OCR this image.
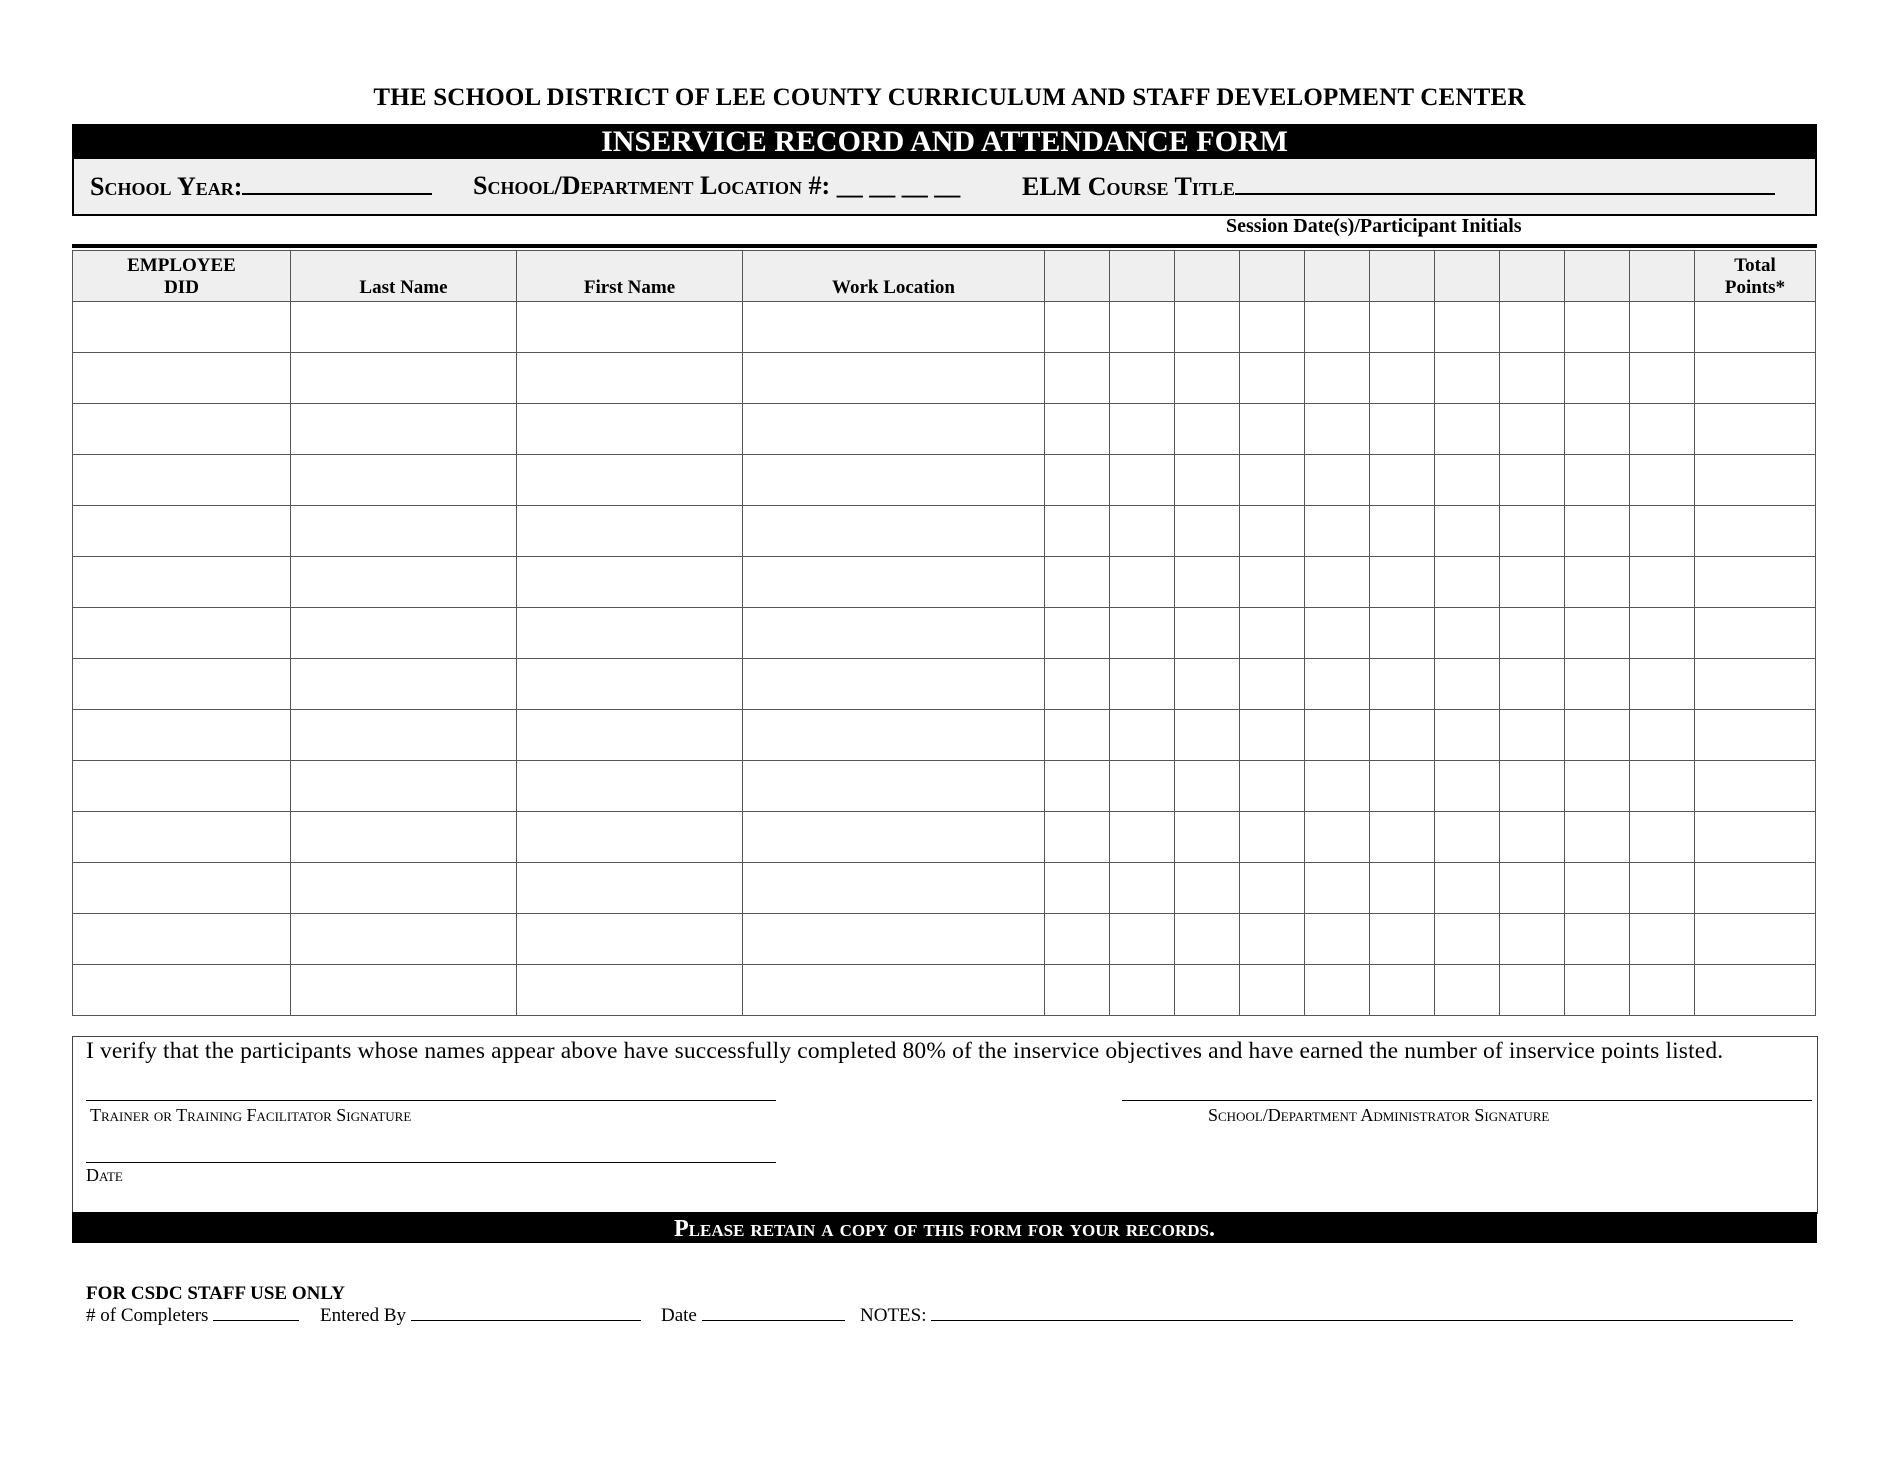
THE SCHOOL DISTRICT OF LEE COUNTY CURRICULUM AND STAFF DEVELOPMENT CENTER
INSERVICE RECORD AND ATTENDANCE FORM
School Year:	School/Department Location #: __ __ __ __ ELM Course Title
Session Date(s)/Participant Initials
EMPLOYEE
DID	Last Name	First Name	Work Location											Total
Points*

I verify that the participants whose names appear above have successfully completed 80% of the inservice objectives and have earned the number of inservice points listed.
Trainer or Training Facilitator Signature	School/Department Administrator Signature
Date
Please retain a copy of this form for your records.
FOR CSDC STAFF USE ONLY
# of Completers	Entered By	Date	NOTES:
